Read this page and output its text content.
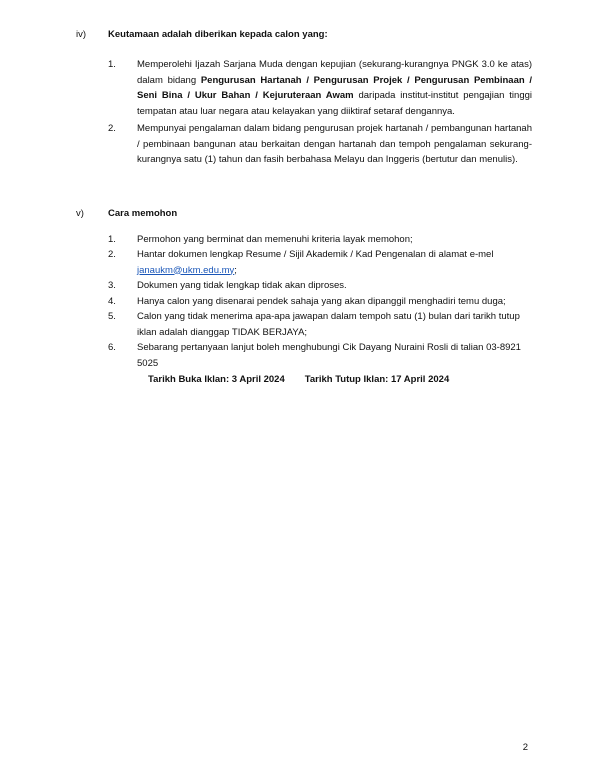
iv) Keutamaan adalah diberikan kepada calon yang:
1.	Memperolehi Ijazah Sarjana Muda dengan kepujian (sekurang-kurangnya PNGK 3.0 ke atas) dalam bidang Pengurusan Hartanah / Pengurusan Projek / Pengurusan Pembinaan / Seni Bina / Ukur Bahan / Kejuruteraan Awam daripada institut-institut pengajian tinggi tempatan atau luar negara atau kelayakan yang diiktiraf setaraf dengannya.
2.	Mempunyai pengalaman dalam bidang pengurusan projek hartanah / pembangunan hartanah / pembinaan bangunan atau berkaitan dengan hartanah dan tempoh pengalaman sekurang-kurangnya satu (1) tahun dan fasih berbahasa Melayu dan Inggeris (bertutur dan menulis).
v)	Cara memohon
1.	Permohon yang berminat dan memenuhi kriteria layak memohon;
2.	Hantar dokumen lengkap Resume / Sijil Akademik / Kad Pengenalan di alamat e-mel
janaukm@ukm.edu.my;
3.	Dokumen yang tidak lengkap tidak akan diproses.
4.	Hanya calon yang disenarai pendek sahaja yang akan dipanggil menghadiri temu duga;
5.	Calon yang tidak menerima apa-apa jawapan dalam tempoh satu (1) bulan dari tarikh tutup iklan adalah dianggap TIDAK BERJAYA;
6.	Sebarang pertanyaan lanjut boleh menghubungi Cik Dayang Nuraini Rosli di talian 03-8921 5025
Tarikh Buka Iklan: 3 April 2024 Tarikh Tutup Iklan: 17 April 2024
2
